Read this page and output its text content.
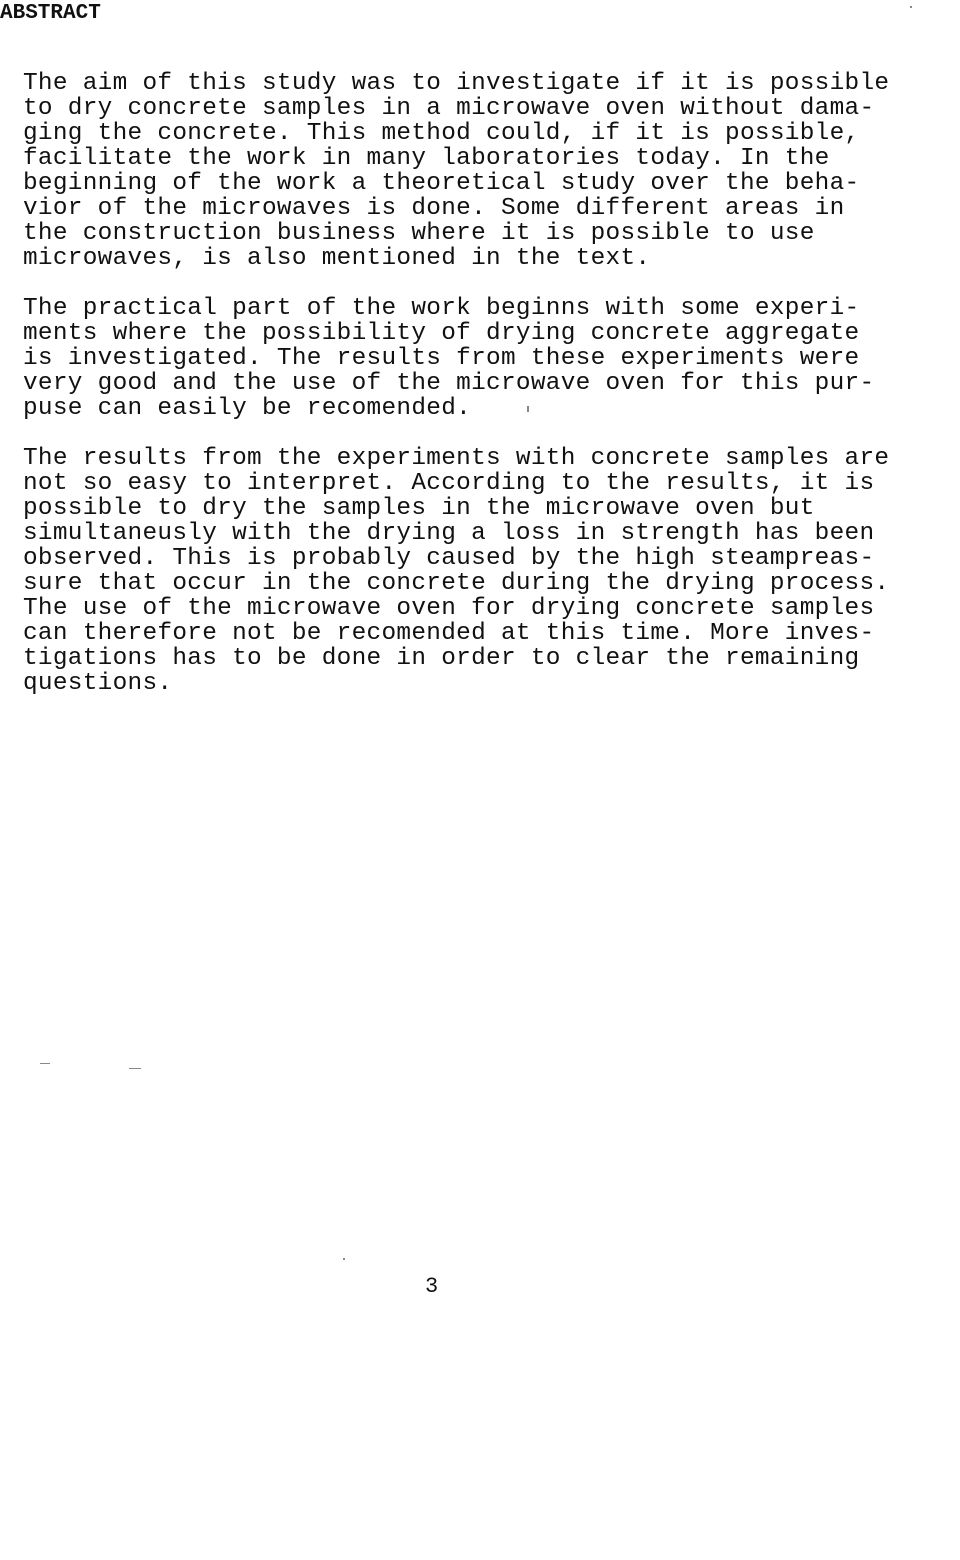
ABSTRACT
The aim of this study was to investigate if it is possible
to dry concrete samples in a microwave oven without dama-
ging the concrete. This method could, if it is possible,
facilitate the work in many laboratories today. In the
beginning of the work a theoretical study over the beha-
vior of the microwaves is done. Some different areas in
the construction business where it is possible to use
microwaves, is also mentioned in the text.
The practical part of the work beginns with some experi-
ments where the possibility of drying concrete aggregate
is investigated. The results from these experiments were
very good and the use of the microwave oven for this pur-
puse can easily be recomended.
The results from the experiments with concrete samples are
not so easy to interpret. According to the results, it is
possible to dry the samples in the microwave oven but
simultaneusly with the drying a loss in strength has been
observed. This is probably caused by the high steampreas-
sure that occur in the concrete during the drying process.
The use of the microwave oven for drying concrete samples
can therefore not be recomended at this time. More inves-
tigations has to be done in order to clear the remaining
questions.
3
